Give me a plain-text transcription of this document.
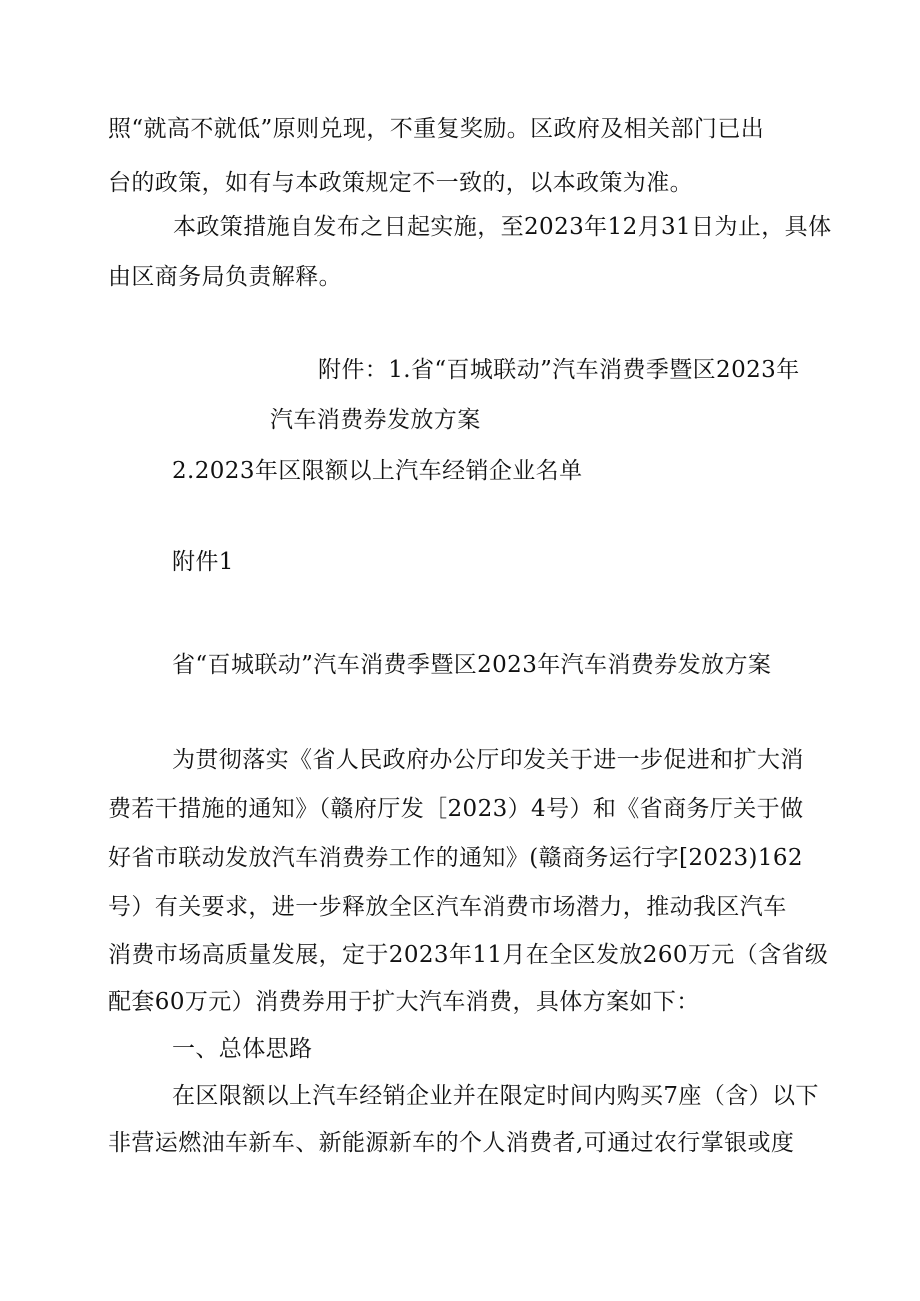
照“就高不就低”原则兑现，不重复奖励。区政府及相关部门已出
台的政策，如有与本政策规定不一致的，以本政策为准。
本政策措施自发布之日起实施，至2023年12月31日为止，具体
由区商务局负责解释。
附件：1.省“百城联动”汽车消费季暨区2023年
汽车消费券发放方案
2.2023年区限额以上汽车经销企业名单
附件1
省“百城联动”汽车消费季暨区2023年汽车消费券发放方案
为贯彻落实《省人民政府办公厅印发关于进一步促进和扩大消
费若干措施的通知》（赣府厅发［2023）4号）和《省商务厅关于做
好省市联动发放汽车消费券工作的通知》(赣商务运行字[2023)162
号）有关要求，进一步释放全区汽车消费市场潜力，推动我区汽车
消费市场高质量发展，定于2023年11月在全区发放260万元（含省级
配套60万元）消费券用于扩大汽车消费，具体方案如下：
一、总体思路
在区限额以上汽车经销企业并在限定时间内购买7座（含）以下
非营运燃油车新车、新能源新车的个人消费者,可通过农行掌银或度
